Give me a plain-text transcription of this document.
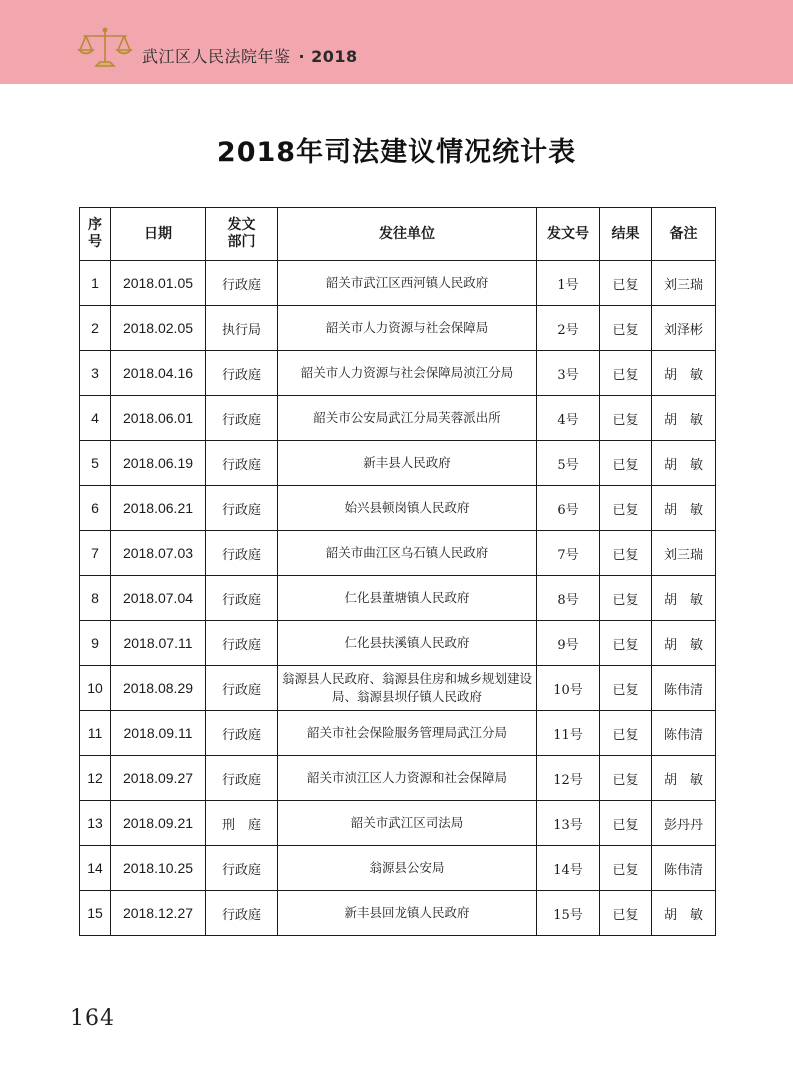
武江区人民法院年鉴 · 2018
2018年司法建议情况统计表
序号	日期	发文部门	发往单位	发文号	结果	备注
1	2018.01.05	行政庭	韶关市武江区西河镇人民政府	1号	已复	刘三瑞
2	2018.02.05	执行局	韶关市人力资源与社会保障局	2号	已复	刘泽彬
3	2018.04.16	行政庭	韶关市人力资源与社会保障局浈江分局	3号	已复	胡　敏
4	2018.06.01	行政庭	韶关市公安局武江分局芙蓉派出所	4号	已复	胡　敏
5	2018.06.19	行政庭	新丰县人民政府	5号	已复	胡　敏
6	2018.06.21	行政庭	始兴县顿岗镇人民政府	6号	已复	胡　敏
7	2018.07.03	行政庭	韶关市曲江区乌石镇人民政府	7号	已复	刘三瑞
8	2018.07.04	行政庭	仁化县董塘镇人民政府	8号	已复	胡　敏
9	2018.07.11	行政庭	仁化县扶溪镇人民政府	9号	已复	胡　敏
10	2018.08.29	行政庭	翁源县人民政府、翁源县住房和城乡规划建设局、翁源县坝仔镇人民政府	10号	已复	陈伟清
11	2018.09.11	行政庭	韶关市社会保险服务管理局武江分局	11号	已复	陈伟清
12	2018.09.27	行政庭	韶关市浈江区人力资源和社会保障局	12号	已复	胡　敏
13	2018.09.21	刑　庭	韶关市武江区司法局	13号	已复	彭丹丹
14	2018.10.25	行政庭	翁源县公安局	14号	已复	陈伟清
15	2018.12.27	行政庭	新丰县回龙镇人民政府	15号	已复	胡　敏
164
